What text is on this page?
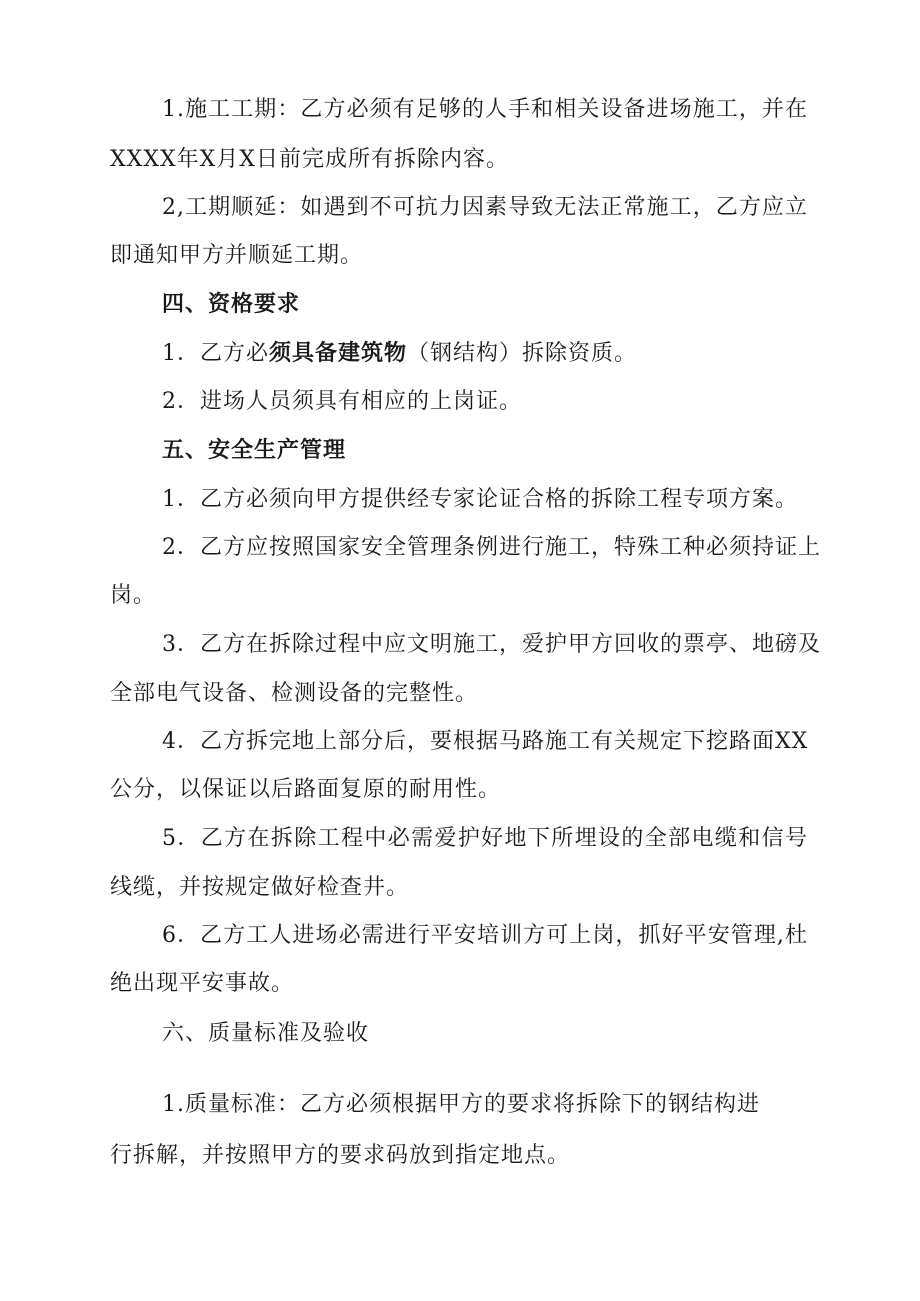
1.施工工期：乙方必须有足够的人手和相关设备进场施工，并在
XXXX年X月X日前完成所有拆除内容。
2,工期顺延：如遇到不可抗力因素导致无法正常施工，乙方应立
即通知甲方并顺延工期。
四、资格要求
1．乙方必须具备建筑物（钢结构）拆除资质。
2．进场人员须具有相应的上岗证。
五、安全生产管理
1．乙方必须向甲方提供经专家论证合格的拆除工程专项方案。
2．乙方应按照国家安全管理条例进行施工，特殊工种必须持证上
岗。
3．乙方在拆除过程中应文明施工，爱护甲方回收的票亭、地磅及
全部电气设备、检测设备的完整性。
4．乙方拆完地上部分后，要根据马路施工有关规定下挖路面XX
公分，以保证以后路面复原的耐用性。
5．乙方在拆除工程中必需爱护好地下所埋设的全部电缆和信号
线缆，并按规定做好检查井。
6．乙方工人进场必需进行平安培训方可上岗，抓好平安管理,杜
绝出现平安事故。
六、质量标准及验收
1.质量标准：乙方必须根据甲方的要求将拆除下的钢结构进
行拆解，并按照甲方的要求码放到指定地点。
